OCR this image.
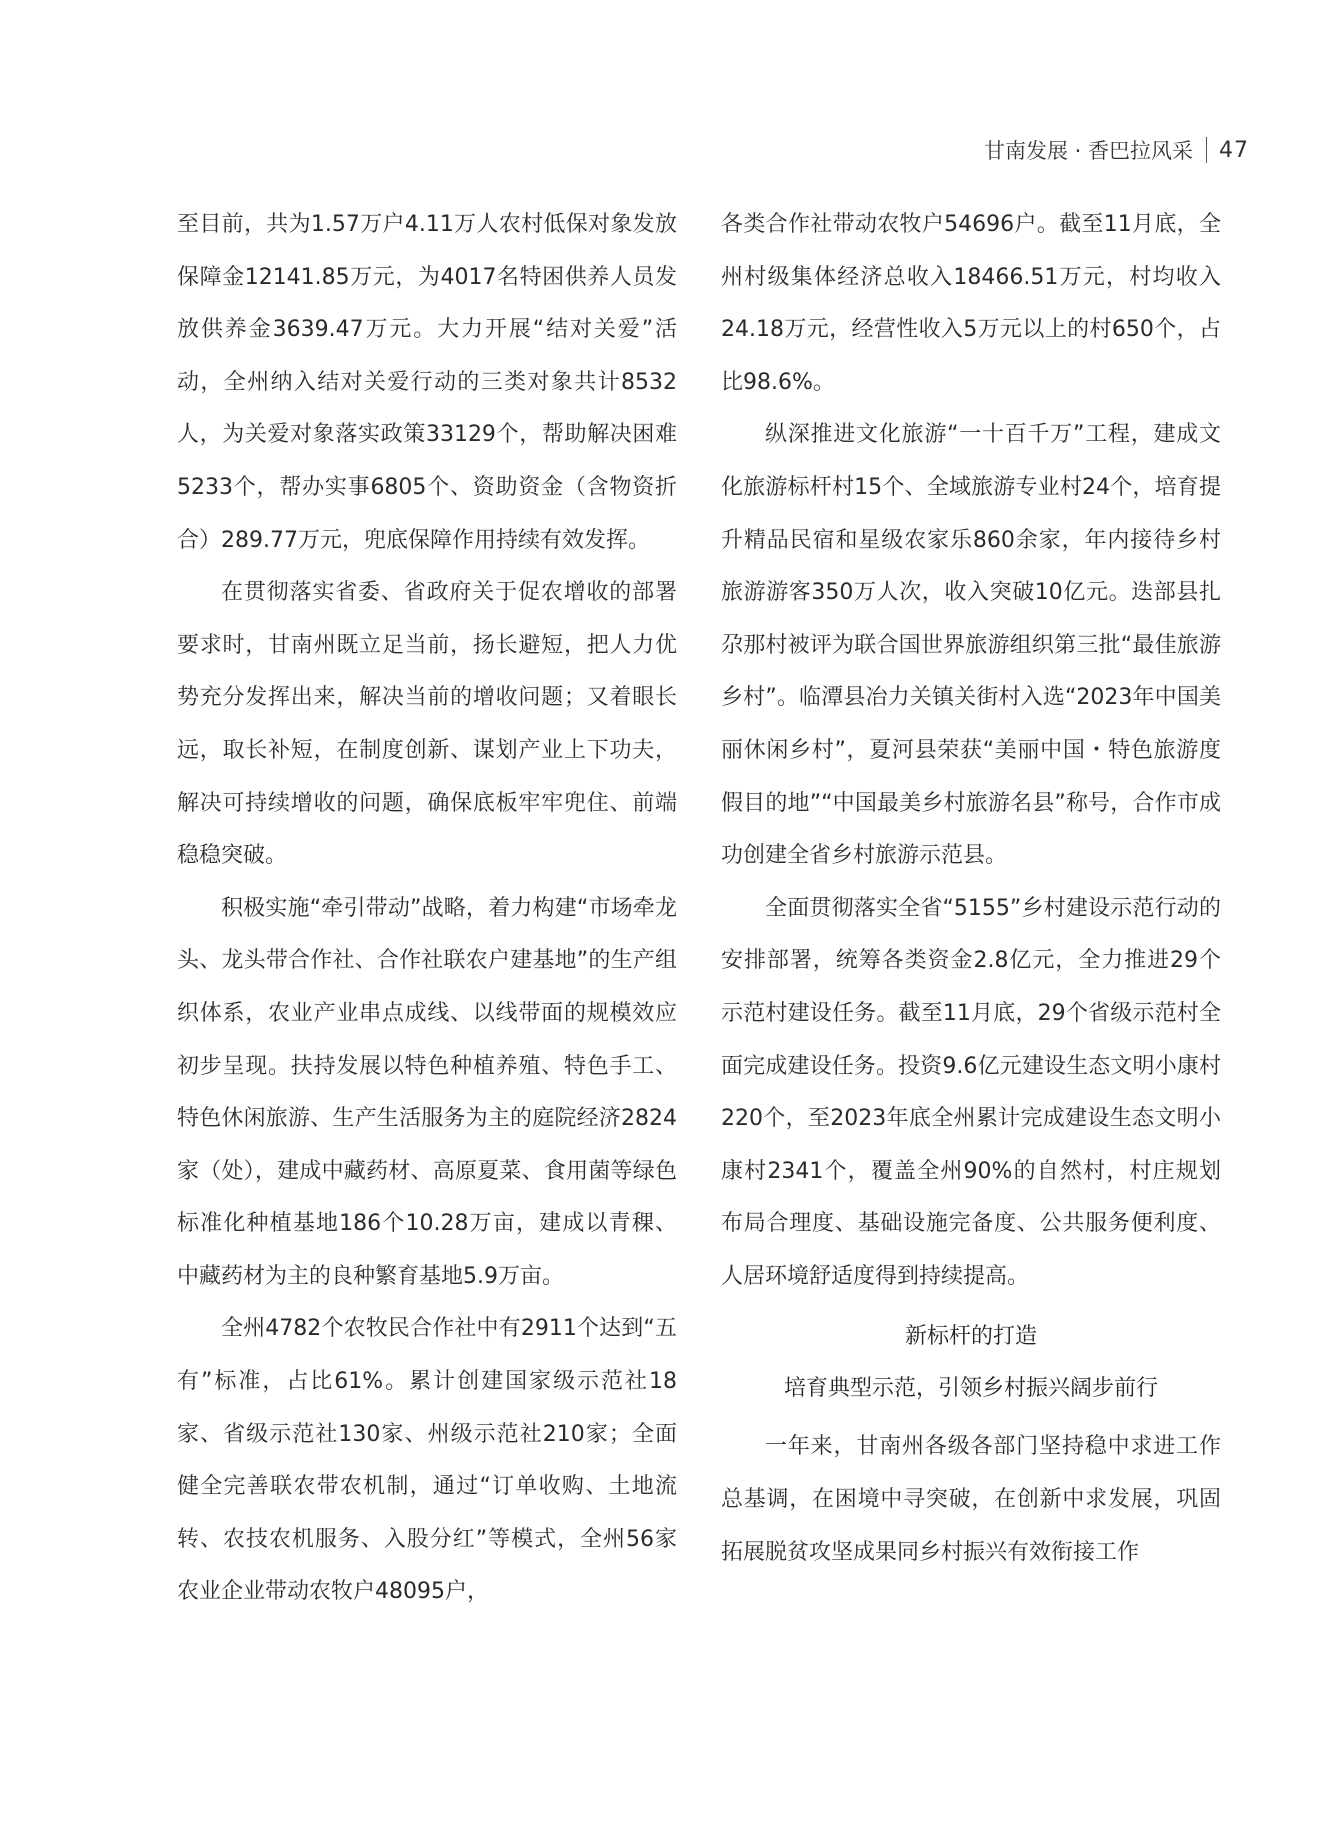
甘南发展 · 香巴拉风采 47

至目前，共为1.57万户4.11万人农村低保对象发放保障金12141.85万元，为4017名特困供养人员发放供养金3639.47万元。大力开展“结对关爱”活动，全州纳入结对关爱行动的三类对象共计8532人，为关爱对象落实政策33129个，帮助解决困难5233个，帮办实事6805个、资助资金（含物资折合）289.77万元，兜底保障作用持续有效发挥。

在贯彻落实省委、省政府关于促农增收的部署要求时，甘南州既立足当前，扬长避短，把人力优势充分发挥出来，解决当前的增收问题；又着眼长远，取长补短，在制度创新、谋划产业上下功夫，解决可持续增收的问题，确保底板牢牢兜住、前端稳稳突破。

积极实施“牵引带动”战略，着力构建“市场牵龙头、龙头带合作社、合作社联农户建基地”的生产组织体系，农业产业串点成线、以线带面的规模效应初步呈现。扶持发展以特色种植养殖、特色手工、特色休闲旅游、生产生活服务为主的庭院经济2824家（处），建成中藏药材、高原夏菜、食用菌等绿色标准化种植基地186个10.28万亩，建成以青稞、中藏药材为主的良种繁育基地5.9万亩。

全州4782个农牧民合作社中有2911个达到“五有”标准，占比61%。累计创建国家级示范社18家、省级示范社130家、州级示范社210家；全面健全完善联农带农机制，通过“订单收购、土地流转、农技农机服务、入股分红”等模式，全州56家农业企业带动农牧户48095户，

各类合作社带动农牧户54696户。截至11月底，全州村级集体经济总收入18466.51万元，村均收入24.18万元，经营性收入5万元以上的村650个，占比98.6%。

纵深推进文化旅游“一十百千万”工程，建成文化旅游标杆村15个、全域旅游专业村24个，培育提升精品民宿和星级农家乐860余家，年内接待乡村旅游游客350万人次，收入突破10亿元。迭部县扎尕那村被评为联合国世界旅游组织第三批“最佳旅游乡村”。临潭县冶力关镇关街村入选“2023年中国美丽休闲乡村”，夏河县荣获“美丽中国・特色旅游度假目的地”“中国最美乡村旅游名县”称号，合作市成功创建全省乡村旅游示范县。

全面贯彻落实全省“5155”乡村建设示范行动的安排部署，统筹各类资金2.8亿元，全力推进29个示范村建设任务。截至11月底，29个省级示范村全面完成建设任务。投资9.6亿元建设生态文明小康村220个，至2023年底全州累计完成建设生态文明小康村2341个，覆盖全州90%的自然村，村庄规划布局合理度、基础设施完备度、公共服务便利度、人居环境舒适度得到持续提高。

新标杆的打造

培育典型示范，引领乡村振兴阔步前行

一年来，甘南州各级各部门坚持稳中求进工作总基调，在困境中寻突破，在创新中求发展，巩固拓展脱贫攻坚成果同乡村振兴有效衔接工作
